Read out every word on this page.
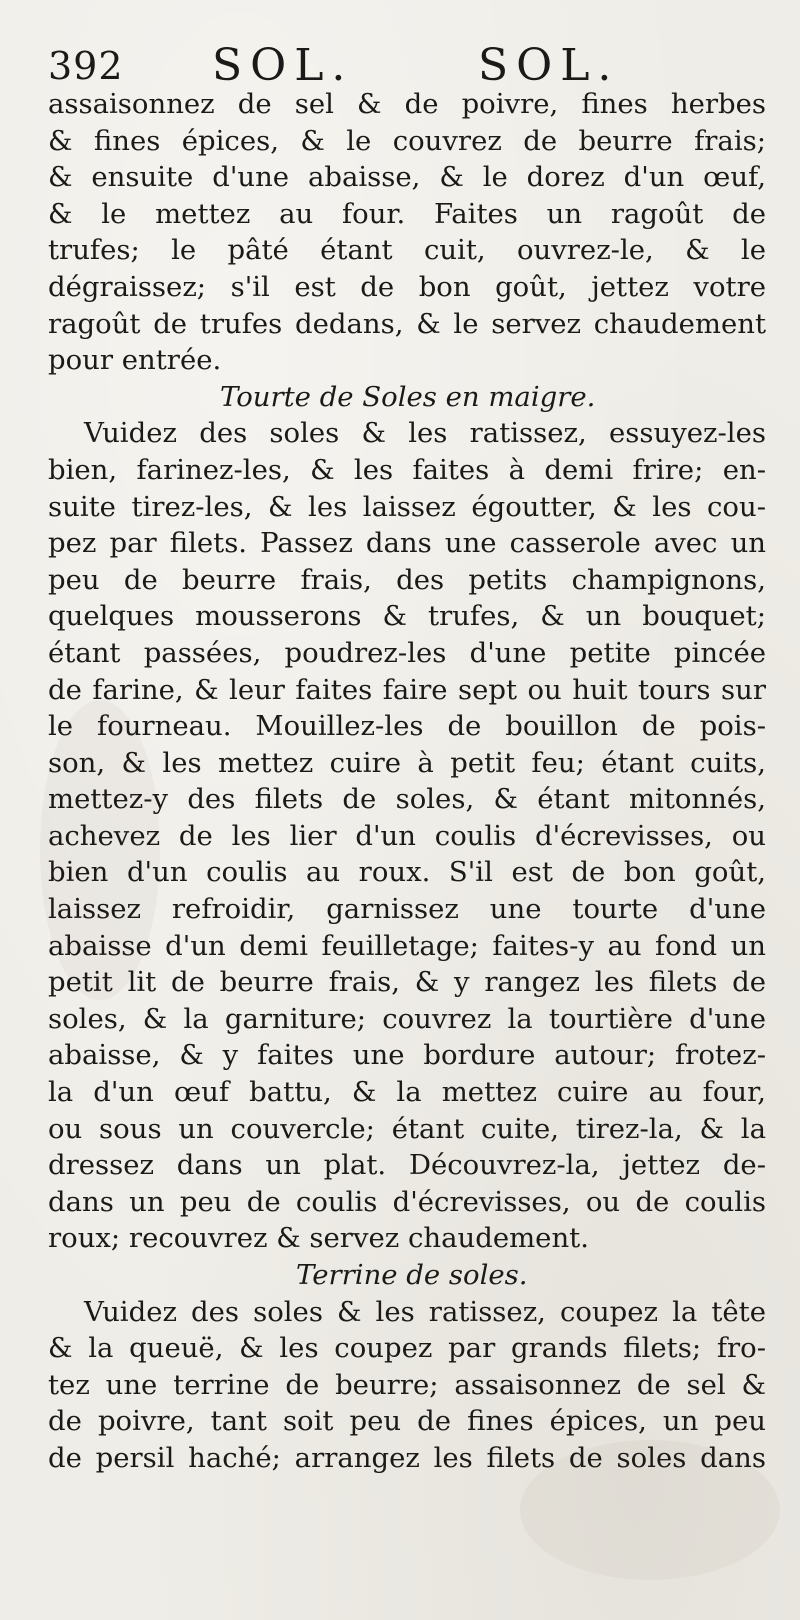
392 SOL.	SOL.
assaisonnez de sel & de poivre, fines herbes
& fines épices, & le couvrez de beurre frais;
& ensuite d'une abaisse, & le dorez d'un œuf,
& le mettez au four. Faites un ragoût de
trufes; le pâté étant cuit, ouvrez-le, & le
dégraissez; s'il est de bon goût, jettez votre
ragoût de trufes dedans, & le servez chaudement
pour entrée.
Tourte de Soles en maigre.
Vuidez des soles & les ratissez, essuyez-les
bien, farinez-les, & les faites à demi frire; en-
suite tirez-les, & les laissez égoutter, & les cou-
pez par filets. Passez dans une casserole avec un
peu de beurre frais, des petits champignons,
quelques mousserons & trufes, & un bouquet;
étant passées, poudrez-les d'une petite pincée
de farine, & leur faites faire sept ou huit tours sur
le fourneau. Mouillez-les de bouillon de pois-
son, & les mettez cuire à petit feu; étant cuits,
mettez-y des filets de soles, & étant mitonnés,
achevez de les lier d'un coulis d'écrevisses, ou
bien d'un coulis au roux. S'il est de bon goût,
laissez refroidir, garnissez une tourte d'une
abaisse d'un demi feuilletage; faites-y au fond un
petit lit de beurre frais, & y rangez les filets de
soles, & la garniture; couvrez la tourtière d'une
abaisse, & y faites une bordure autour; frotez-
la d'un œuf battu, & la mettez cuire au four,
ou sous un couvercle; étant cuite, tirez-la, & la
dressez dans un plat. Découvrez-la, jettez de-
dans un peu de coulis d'écrevisses, ou de coulis
roux; recouvrez & servez chaudement.
Terrine de soles.
Vuidez des soles & les ratissez, coupez la tête
& la queuë, & les coupez par grands filets; fro-
tez une terrine de beurre; assaisonnez de sel &
de poivre, tant soit peu de fines épices, un peu
de persil haché; arrangez les filets de soles dans
